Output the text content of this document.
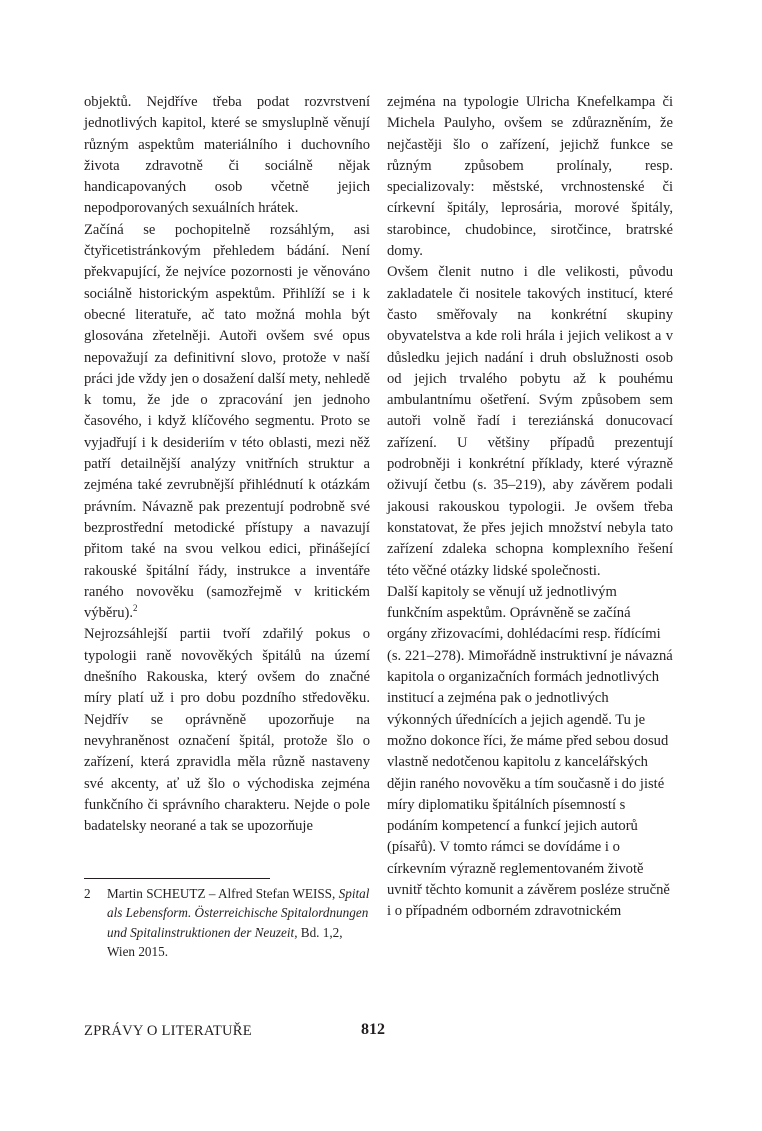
objektů. Nejdříve třeba podat rozvrstvení jednotlivých kapitol, které se smysluplně věnují různým aspektům materiálního i duchovního života zdravotně či sociálně nějak handicapovaných osob včetně jejich nepodporovaných sexuálních hrátek.

Začíná se pochopitelně rozsáhlým, asi čtyřicetistránkovým přehledem bádání. Není překvapující, že nejvíce pozornosti je věnováno sociálně historickým aspektům. Přihlíží se i k obecné literatuře, ač tato možná mohla být glosována zřetelněji. Autoři ovšem své opus nepovažují za definitivní slovo, protože v naší práci jde vždy jen o dosažení další mety, nehledě k tomu, že jde o zpracování jen jednoho časového, i když klíčového segmentu. Proto se vyjadřují i k desideriím v této oblasti, mezi něž patří detailnější analýzy vnitřních struktur a zejména také zevrubnější přihlédnutí k otázkám právním. Návazně pak prezentují podrobně své bezprostřední metodické přístupy a navazují přitom také na svou velkou edici, přinášející rakouské špitální řády, instrukce a inventáře raného novověku (samozřejmě v kritickém výběru).$^2$

Nejrozsáhlejší partii tvoří zdařilý pokus o typologii raně novověkých špitálů na území dnešního Rakouska, který ovšem do značné míry platí už i pro dobu pozdního středověku. Nejdřív se oprávněně upozorňuje na nevyhraněnost označení špitál, protože šlo o zařízení, která zpravidla měla různě nastaveny své akcenty, ať už šlo o východiska zejména funkčního či správního charakteru. Nejde o pole badatelsky neorané a tak se upozorňuje

zejména na typologie Ulricha Knefelkampa či Michela Paulyho, ovšem se zdůrazněním, že nejčastěji šlo o zařízení, jejichž funkce se různým způsobem prolínaly, resp. specializovaly: městské, vrchnostenské či církevní špitály, leprosária, morové špitály, starobince, chudobince, sirotčince, bratrské domy.

Ovšem členit nutno i dle velikosti, původu zakladatele či nositele takových institucí, které často směřovaly na konkrétní skupiny obyvatelstva a kde roli hrála i jejich velikost a v důsledku jejich nadání i druh obslužnosti osob od jejich trvalého pobytu až k pouhému ambulantnímu ošetření. Svým způsobem sem autoři volně řadí i tereziánská donucovací zařízení. U většiny případů prezentují podrobněji i konkrétní příklady, které výrazně oživují četbu (s. 35–219), aby závěrem podali jakousi rakouskou typologii. Je ovšem třeba konstatovat, že přes jejich množství nebyla tato zařízení zdaleka schopna komplexního řešení této věčné otázky lidské společnosti.

Další kapitoly se věnují už jednotlivým funkčním aspektům. Oprávněně se začíná orgány zřizovacími, dohlédacími resp. řídícími (s. 221–278). Mimořádně instruktivní je návazná kapitola o organizačních formách jednotlivých institucí a zejména pak o jednotlivých výkonných úřednících a jejich agendě. Tu je možno dokonce říci, že máme před sebou dosud vlastně nedotčenou kapitolu z kancelářských dějin raného novověku a tím současně i do jisté míry diplomatiku špitálních písemností s podáním kompetencí a funkcí jejich autorů (písařů). V tomto rámci se dovídáme i o církevním výrazně reglementovaném životě uvnitř těchto komunit a závěrem posléze stručně i o případném odborném zdravotnickém

2	Martin SCHEUTZ – Alfred Stefan WEISS, Spital als Lebensform. Österreichische Spitalordnungen und Spitalinstruktionen der Neuzeit, Bd. 1,2, Wien 2015.
ZPRÁVY O LITERATUŘE	812
